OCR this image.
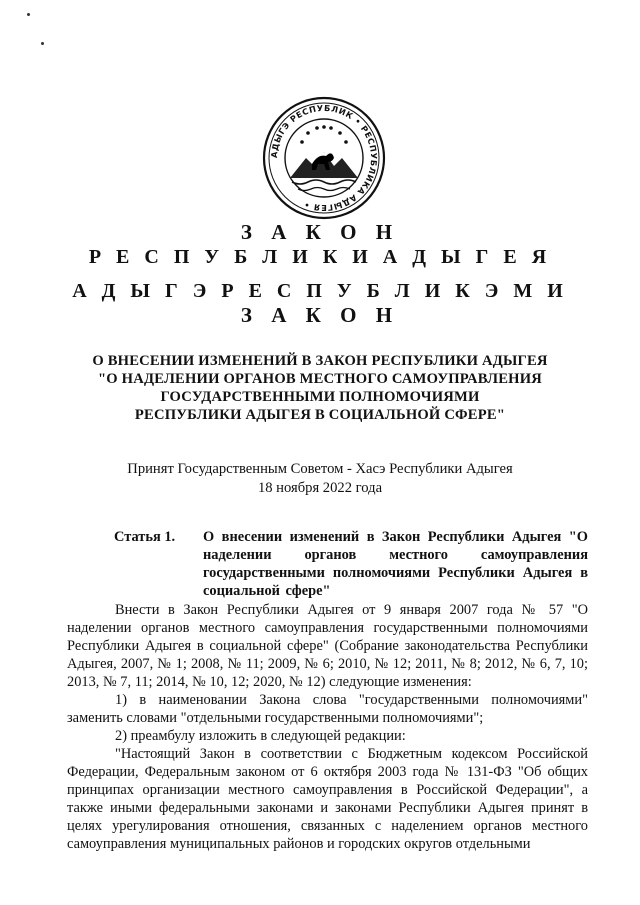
АДЫГЭ РЕСПУБЛИК • РЕСПУБЛИКА АДЫГЕЯ •
З А К О Н
Р Е С П У Б Л И К И А Д Ы Г Е Я
А Д Ы Г Э Р Е С П У Б Л И К Э М И
З А К О Н
О ВНЕСЕНИИ ИЗМЕНЕНИЙ В ЗАКОН РЕСПУБЛИКИ АДЫГЕЯ
"О НАДЕЛЕНИИ ОРГАНОВ МЕСТНОГО САМОУПРАВЛЕНИЯ
ГОСУДАРСТВЕННЫМИ ПОЛНОМОЧИЯМИ
РЕСПУБЛИКИ АДЫГЕЯ В СОЦИАЛЬНОЙ СФЕРЕ"
Принят Государственным Советом - Хасэ Республики Адыгея
18 ноября 2022 года
Статья 1. О внесении изменений в Закон Республики Адыгея "О наделении органов местного самоуправления государственными полномочиями Республики Адыгея в социальной сфере"

Внести в Закон Республики Адыгея от 9 января 2007 года № 57 "О наделении органов местного самоуправления государственными полномочиями Республики Адыгея в социальной сфере" (Собрание законодательства Республики Адыгея, 2007, № 1; 2008, № 11; 2009, № 6; 2010, № 12; 2011, № 8; 2012, № 6, 7, 10; 2013, № 7, 11; 2014, № 10, 12; 2020, № 12) следующие изменения:

1) в наименовании Закона слова "государственными полномочиями" заменить словами "отдельными государственными полномочиями";

2) преамбулу изложить в следующей редакции:

"Настоящий Закон в соответствии с Бюджетным кодексом Российской Федерации, Федеральным законом от 6 октября 2003 года № 131-ФЗ "Об общих принципах организации местного самоуправления в Российской Федерации", а также иными федеральными законами и законами Республики Адыгея принят в целях урегулирования отношения, связанных с наделением органов местного самоуправления муниципальных районов и городских округов отдельными
